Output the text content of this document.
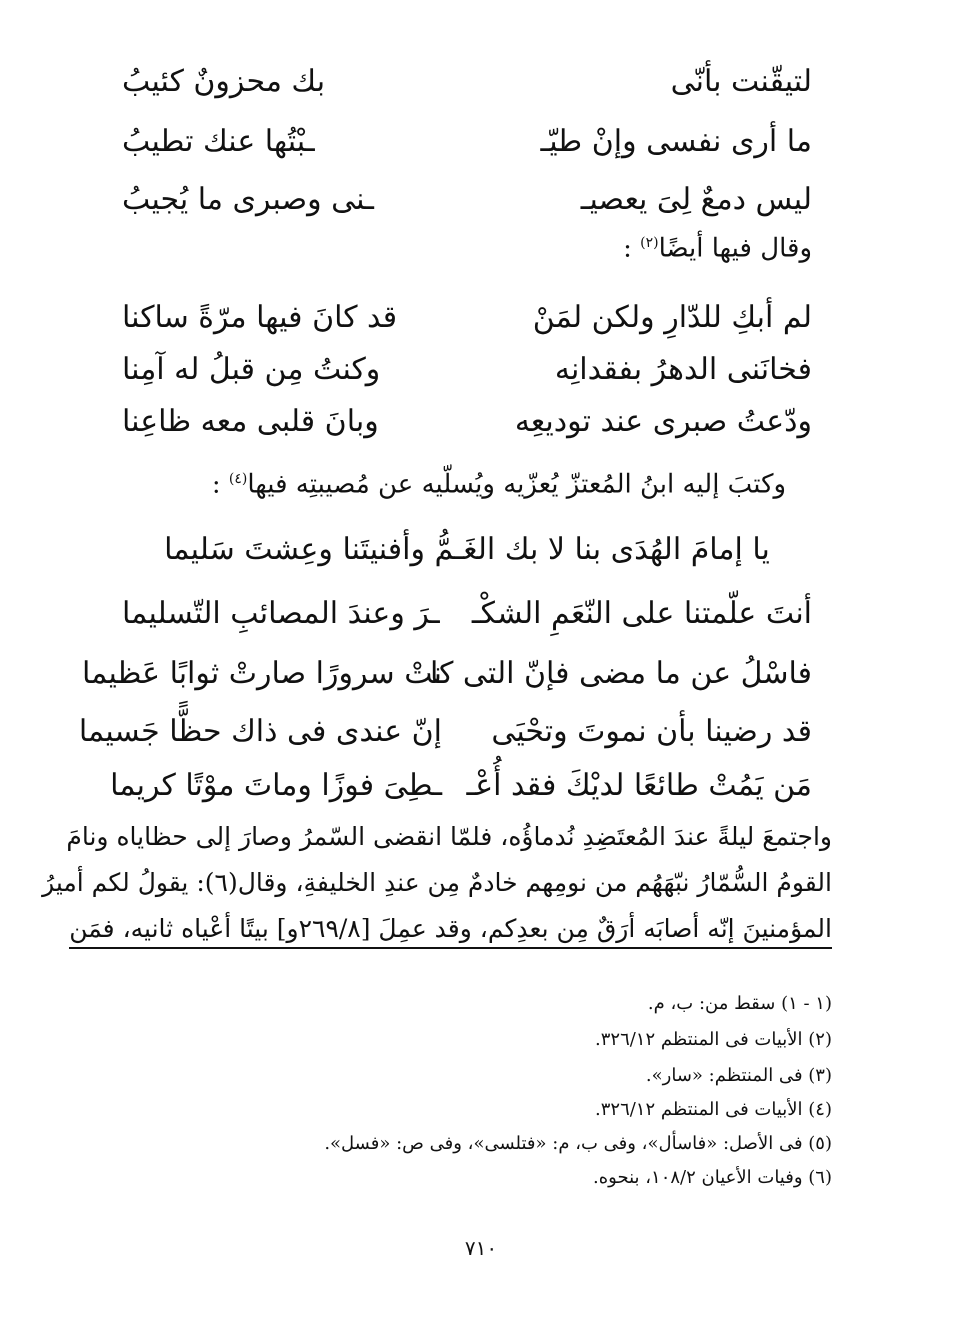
لتيقّنت بأنّى
بك محزونٌ كئيبُ
ما أرى نفسى وإنْ طيّـ
ـبْتُها عنك تطيبُ
ليس دمعٌ لِىَ يعصيـ
ـنى وصبرى ما يُجيبُ
وقال فيها أيضًا$^{(٢)}$ :
لم أبكِ للدّارِ ولكن لمَنْ
قد كانَ فيها مرّةً ساكنا
فخانَنى الدهرُ بفقدانِه
وكنتُ مِن قبلُ له آمِنا
ودّعتُ صبرى عند توديعِه
وبانَ قلبى معه ظاعِنا
وكتبَ إليه ابنُ المُعتزّ يُعزّيه ويُسلّيه عن مُصيبتِه فيها$^{(٤)}$ :
يا إمامَ الهُدَى بنا لا بك الغَـمُّ وأفنيتَنا وعِشتَ سَليما
أنتَ علّمتنا على النّعَمِ الشكْـ
ـرَ وعندَ المصائبِ التّسليما
فاسْلُ عن ما مضى فإنّ التى كا
نتْ سرورًا صارتْ ثوابًا عَظيما
قد رضينا بأن نموتَ وتحْيَى
إنّ عندى فى ذاك حظًّا جَسيما
مَن يَمُتْ طائعًا لديْكَ فقد أُعْـ
ـطِىَ فوزًا وماتَ موْتًا كريما
واجتمعَ ليلةً عندَ المُعتَضِدِ نُدماؤُه، فلمّا انقضى السّمرُ وصارَ إلى حظاياه ونامَ
القومُ السُّمّارُ نبّهَهُم من نومِهم خادمٌ مِن عندِ الخليفةِ، وقال(٦): يقولُ لكم أميرُ
المؤمنينَ إنّه أصابَه أرَقٌ مِن بعدِكم، وقد عمِلَ [٢٦٩/٨و] بيتًا أعْياه ثانيه، فمَن
(١ - ١) سقط من: ب، م.
(٢) الأبيات فى المنتظم ٣٢٦/١٢.
(٣) فى المنتظم: «سار».
(٤) الأبيات فى المنتظم ٣٢٦/١٢.
(٥) فى الأصل: «فاسأل»، وفى ب، م: «فتلسى»، وفى ص: «فسل».
(٦) وفيات الأعيان ١٠٨/٢، بنحوه.
٧١٠
